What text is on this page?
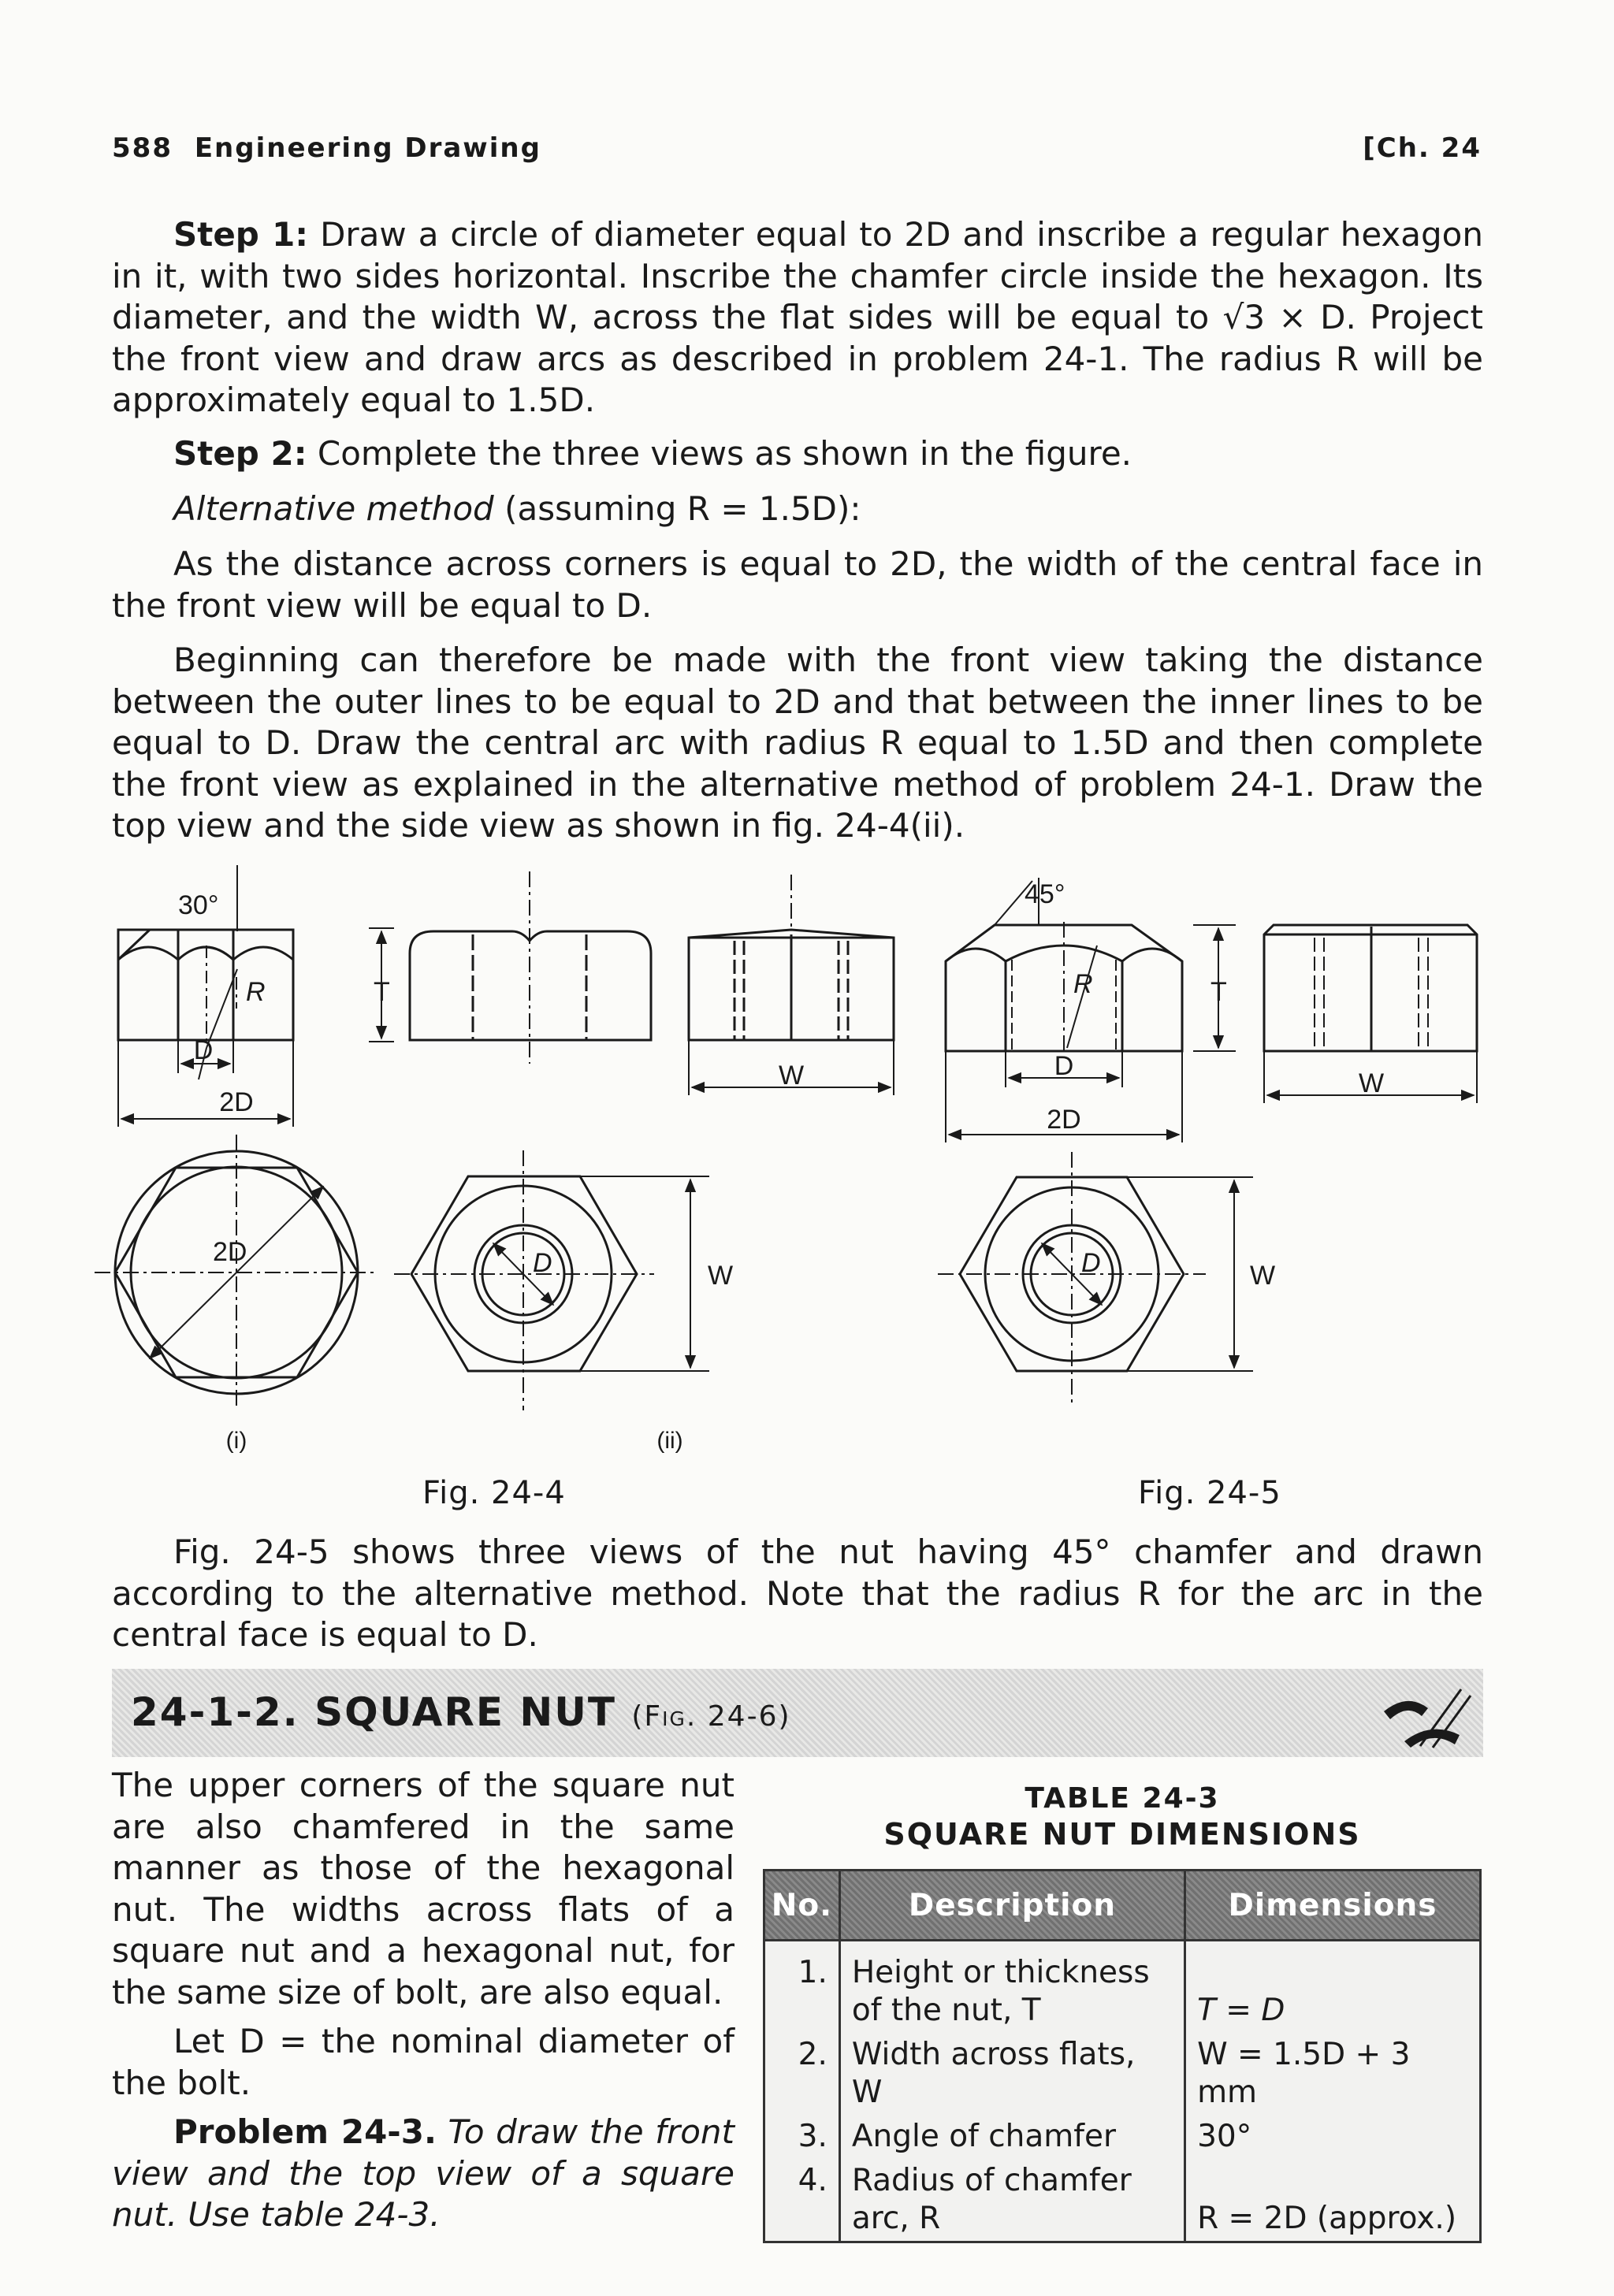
588 Engineering Drawing	[Ch. 24
Step 1: Draw a circle of diameter equal to 2D and inscribe a regular hexagon in it, with two sides horizontal. Inscribe the chamfer circle inside the hexagon. Its diameter, and the width W, across the flat sides will be equal to √3 × D. Project the front view and draw arcs as described in problem 24-1. The radius R will be approximately equal to 1.5D.
Step 2: Complete the three views as shown in the figure.
Alternative method (assuming R = 1.5D):
As the distance across corners is equal to 2D, the width of the central face in the front view will be equal to D.
Beginning can therefore be made with the front view taking the distance between the outer lines to be equal to 2D and that between the inner lines to be equal to D. Draw the central arc with radius R equal to 1.5D and then complete the front view as explained in the alternative method of problem 24-1. Draw the top view and the side view as shown in fig. 24-4(ii).
30°	45°
R	R
T	T
D
D
2D
2D
W	W
2D	D	D
W	W
(i)	(ii)
Fig. 24-4	Fig. 24-5
Fig. 24-5 shows three views of the nut having 45° chamfer and drawn according to the alternative method. Note that the radius R for the arc in the central face is equal to D.
24-1-2. SQUARE NUT (Fig. 24-6)
The upper corners of the square nut are also chamfered in the same manner as those of the hexagonal nut. The widths across flats of a square nut and a hexagonal nut, for the same size of bolt, are also equal.
Let D = the nominal diameter of the bolt.
Problem 24-3. To draw the front view and the top view of a square nut. Use table 24-3.
TABLE 24-3
SQUARE NUT DIMENSIONS
No.	Description	Dimensions
1.	Height or thickness of the nut, T	T = D
2.	Width across flats, W	W = 1.5D + 3 mm
3.	Angle of chamfer	30°
4.	Radius of chamfer arc, R	R = 2D (approx.)
